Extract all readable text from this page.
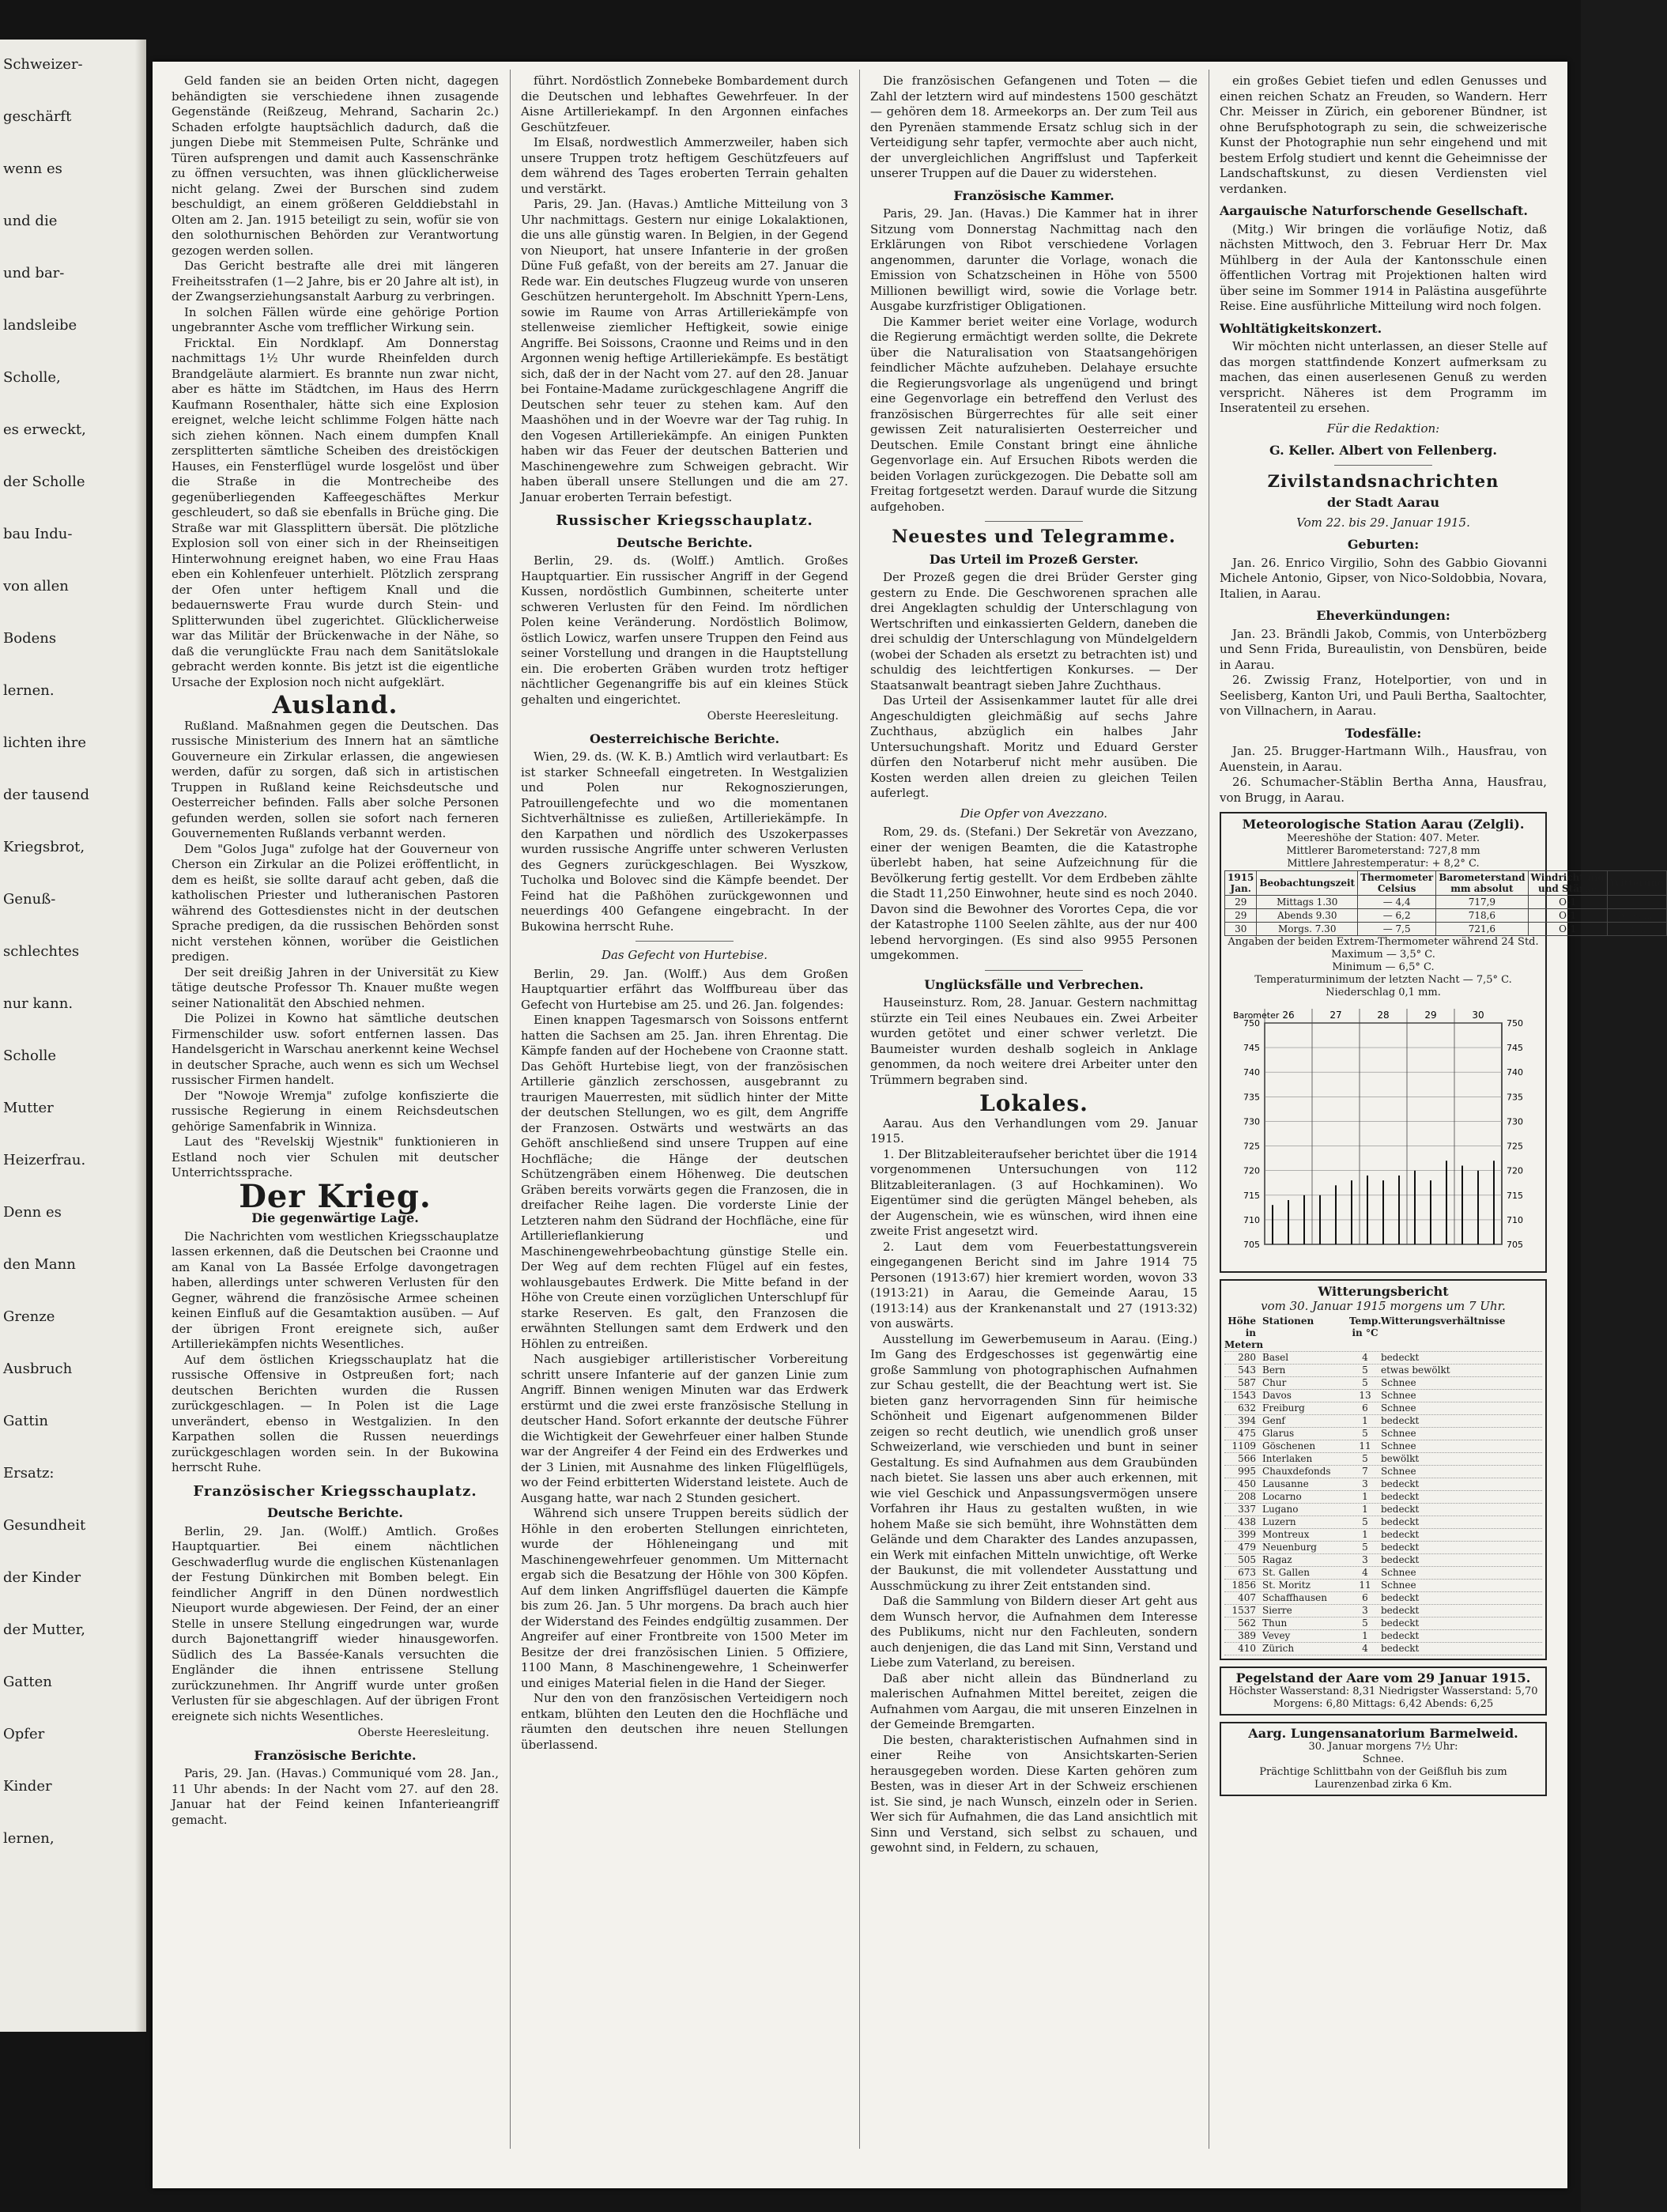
Schweizer-
geschärft
wenn es
und die
und bar-
landsleibe
Scholle,
es erweckt,
der Scholle
bau Indu-
von allen
Bodens
lernen.
lichten ihre
der tausend
Kriegsbrot,
Genuß-
schlechtes
nur kann.
Scholle
Mutter
Heizerfrau.
Denn es
den Mann
Grenze
Ausbruch
Gattin
Ersatz:
Gesundheit
der Kinder
der Mutter,
Gatten
Opfer
Kinder
lernen,

Geld fanden sie an beiden Orten nicht, dagegen behändigten sie verschiedene ihnen zusagende Gegenstände (Reißzeug, Mehrand, Sacharin 2c.) Schaden erfolgte hauptsächlich dadurch, daß die jungen Diebe mit Stemmeisen Pulte, Schränke und Türen aufsprengen und damit auch Kassenschränke zu öffnen versuchten, was ihnen glücklicherweise nicht gelang. Zwei der Burschen sind zudem beschuldigt, an einem größeren Gelddiebstahl in Olten am 2. Jan. 1915 beteiligt zu sein, wofür sie von den solothurnischen Behörden zur Verantwortung gezogen werden sollen.

Das Gericht bestrafte alle drei mit längeren Freiheitsstrafen (1—2 Jahre, bis er 20 Jahre alt ist), in der Zwangserziehungsanstalt Aarburg zu verbringen.

In solchen Fällen würde eine gehörige Portion ungebrannter Asche vom trefflicher Wirkung sein.

Fricktal. Ein Nordklapf. Am Donnerstag nachmittags 1½ Uhr wurde Rheinfelden durch Brandgeläute alarmiert. Es brannte nun zwar nicht, aber es hätte im Städtchen, im Haus des Herrn Kaufmann Rosenthaler, hätte sich eine Explosion ereignet, welche leicht schlimme Folgen hätte nach sich ziehen können. Nach einem dumpfen Knall zersplitterten sämtliche Scheiben des dreistöckigen Hauses, ein Fensterflügel wurde losgelöst und über die Straße in die Montrecheibe des gegenüberliegenden Kaffeegeschäftes Merkur geschleudert, so daß sie ebenfalls in Brüche ging. Die Straße war mit Glassplittern übersät. Die plötzliche Explosion soll von einer sich in der Rheinseitigen Hinterwohnung ereignet haben, wo eine Frau Haas eben ein Kohlenfeuer unterhielt. Plötzlich zersprang der Ofen unter heftigem Knall und die bedauernswerte Frau wurde durch Stein- und Splitterwunden übel zugerichtet. Glücklicherweise war das Militär der Brückenwache in der Nähe, so daß die verunglückte Frau nach dem Sanitätslokale gebracht werden konnte. Bis jetzt ist die eigentliche Ursache der Explosion noch nicht aufgeklärt.

Ausland.

Rußland. Maßnahmen gegen die Deutschen. Das russische Ministerium des Innern hat an sämtliche Gouverneure ein Zirkular erlassen, die angewiesen werden, dafür zu sorgen, daß sich in artistischen Truppen in Rußland keine Reichsdeutsche und Oesterreicher befinden. Falls aber solche Personen gefunden werden, sollen sie sofort nach ferneren Gouvernementen Rußlands verbannt werden.

Dem "Golos Juga" zufolge hat der Gouverneur von Cherson ein Zirkular an die Polizei eröffentlicht, in dem es heißt, sie sollte darauf acht geben, daß die katholischen Priester und lutheranischen Pastoren während des Gottesdienstes nicht in der deutschen Sprache predigen, da die russischen Behörden sonst nicht verstehen können, worüber die Geistlichen predigen.

Der seit dreißig Jahren in der Universität zu Kiew tätige deutsche Professor Th. Knauer mußte wegen seiner Nationalität den Abschied nehmen.

Die Polizei in Kowno hat sämtliche deutschen Firmenschilder usw. sofort entfernen lassen. Das Handelsgericht in Warschau anerkennt keine Wechsel in deutscher Sprache, auch wenn es sich um Wechsel russischer Firmen handelt.

Der "Nowoje Wremja" zufolge konfiszierte die russische Regierung in einem Reichsdeutschen gehörige Samenfabrik in Winniza.

Laut des "Revelskij Wjestnik" funktionieren in Estland noch vier Schulen mit deutscher Unterrichtssprache.

Der Krieg.
Die gegenwärtige Lage.

Die Nachrichten vom westlichen Kriegsschauplatze lassen erkennen, daß die Deutschen bei Craonne und am Kanal von La Bassée Erfolge davongetragen haben, allerdings unter schweren Verlusten für den Gegner, während die französische Armee scheinen keinen Einfluß auf die Gesamtaktion ausüben. — Auf der übrigen Front ereignete sich, außer Artilleriekämpfen nichts Wesentliches.

Auf dem östlichen Kriegsschauplatz hat die russische Offensive in Ostpreußen fort; nach deutschen Berichten wurden die Russen zurückgeschlagen. — In Polen ist die Lage unverändert, ebenso in Westgalizien. In den Karpathen sollen die Russen neuerdings zurückgeschlagen worden sein. In der Bukowina herrscht Ruhe.

Französischer Kriegsschauplatz.
Deutsche Berichte.

Berlin, 29. Jan. (Wolff.) Amtlich. Großes Hauptquartier. Bei einem nächtlichen Geschwaderflug wurde die englischen Küstenanlagen der Festung Dünkirchen mit Bomben belegt. Ein feindlicher Angriff in den Dünen nordwestlich Nieuport wurde abgewiesen. Der Feind, der an einer Stelle in unsere Stellung eingedrungen war, wurde durch Bajonettangriff wieder hinausgeworfen. Südlich des La Bassée-Kanals versuchten die Engländer die ihnen entrissene Stellung zurückzunehmen. Ihr Angriff wurde unter großen Verlusten für sie abgeschlagen. Auf der übrigen Front ereignete sich nichts Wesentliches.

Oberste Heeresleitung.
Französische Berichte.

Paris, 29. Jan. (Havas.) Communiqué vom 28. Jan., 11 Uhr abends: In der Nacht vom 27. auf den 28. Januar hat der Feind keinen Infanterieangriff gemacht.

führt. Nordöstlich Zonnebeke Bombardement durch die Deutschen und lebhaftes Gewehrfeuer. In der Aisne Artilleriekampf. In den Argonnen einfaches Geschützfeuer.

Im Elsaß, nordwestlich Ammerzweiler, haben sich unsere Truppen trotz heftigem Geschützfeuers auf dem während des Tages eroberten Terrain gehalten und verstärkt.

Paris, 29. Jan. (Havas.) Amtliche Mitteilung von 3 Uhr nachmittags. Gestern nur einige Lokalaktionen, die uns alle günstig waren. In Belgien, in der Gegend von Nieuport, hat unsere Infanterie in der großen Düne Fuß gefaßt, von der bereits am 27. Januar die Rede war. Ein deutsches Flugzeug wurde von unseren Geschützen heruntergeholt. Im Abschnitt Ypern-Lens, sowie im Raume von Arras Artilleriekämpfe von stellenweise ziemlicher Heftigkeit, sowie einige Angriffe. Bei Soissons, Craonne und Reims und in den Argonnen wenig heftige Artilleriekämpfe. Es bestätigt sich, daß der in der Nacht vom 27. auf den 28. Januar bei Fontaine-Madame zurückgeschlagene Angriff die Deutschen sehr teuer zu stehen kam. Auf den Maashöhen und in der Woevre war der Tag ruhig. In den Vogesen Artilleriekämpfe. An einigen Punkten haben wir das Feuer der deutschen Batterien und Maschinengewehre zum Schweigen gebracht. Wir haben überall unsere Stellungen und die am 27. Januar eroberten Terrain befestigt.

Russischer Kriegsschauplatz.
Deutsche Berichte.

Berlin, 29. ds. (Wolff.) Amtlich. Großes Hauptquartier. Ein russischer Angriff in der Gegend Kussen, nordöstlich Gumbinnen, scheiterte unter schweren Verlusten für den Feind. Im nördlichen Polen keine Veränderung. Nordöstlich Bolimow, östlich Lowicz, warfen unsere Truppen den Feind aus seiner Vorstellung und drangen in die Hauptstellung ein. Die eroberten Gräben wurden trotz heftiger nächtlicher Gegenangriffe bis auf ein kleines Stück gehalten und eingerichtet.

Oberste Heeresleitung.
Oesterreichische Berichte.

Wien, 29. ds. (W. K. B.) Amtlich wird verlautbart: Es ist starker Schneefall eingetreten. In Westgalizien und Polen nur Rekognoszierungen, Patrouillengefechte und wo die momentanen Sichtverhältnisse es zuließen, Artilleriekämpfe. In den Karpathen und nördlich des Uszokerpasses wurden russische Angriffe unter schweren Verlusten des Gegners zurückgeschlagen. Bei Wyszkow, Tucholka und Bolovec sind die Kämpfe beendet. Der Feind hat die Paßhöhen zurückgewonnen und neuerdings 400 Gefangene eingebracht. In der Bukowina herrscht Ruhe.

Das Gefecht von Hurtebise.

Berlin, 29. Jan. (Wolff.) Aus dem Großen Hauptquartier erfährt das Wolffbureau über das Gefecht von Hurtebise am 25. und 26. Jan. folgendes:

Einen knappen Tagesmarsch von Soissons entfernt hatten die Sachsen am 25. Jan. ihren Ehrentag. Die Kämpfe fanden auf der Hochebene von Craonne statt. Das Gehöft Hurtebise liegt, von der französischen Artillerie gänzlich zerschossen, ausgebrannt zu traurigen Mauerresten, mit südlich hinter der Mitte der deutschen Stellungen, wo es gilt, dem Angriffe der Franzosen. Ostwärts und westwärts an das Gehöft anschließend sind unsere Truppen auf eine Hochfläche; die Hänge der deutschen Schützengräben einem Höhenweg. Die deutschen Gräben bereits vorwärts gegen die Franzosen, die in dreifacher Reihe lagen. Die vorderste Linie der Letzteren nahm den Südrand der Hochfläche, eine für Artillerieflankierung und Maschinengewehrbeobachtung günstige Stelle ein. Der Weg auf dem rechten Flügel auf ein festes, wohlausgebautes Erdwerk. Die Mitte befand in der Höhe von Creute einen vorzüglichen Unterschlupf für starke Reserven. Es galt, den Franzosen die erwähnten Stellungen samt dem Erdwerk und den Höhlen zu entreißen.

Nach ausgiebiger artilleristischer Vorbereitung schritt unsere Infanterie auf der ganzen Linie zum Angriff. Binnen wenigen Minuten war das Erdwerk erstürmt und die zwei erste französische Stellung in deutscher Hand. Sofort erkannte der deutsche Führer die Wichtigkeit der Gewehrfeuer einer halben Stunde war der Angreifer 4 der Feind ein des Erdwerkes und der 3 Linien, mit Ausnahme des linken Flügelflügels, wo der Feind erbitterten Widerstand leistete. Auch de Ausgang hatte, war nach 2 Stunden gesichert.

Während sich unsere Truppen bereits südlich der Höhle in den eroberten Stellungen einrichteten, wurde der Höhleneingang und mit Maschinengewehrfeuer genommen. Um Mitternacht ergab sich die Besatzung der Höhle von 300 Köpfen. Auf dem linken Angriffsflügel dauerten die Kämpfe bis zum 26. Jan. 5 Uhr morgens. Da brach auch hier der Widerstand des Feindes endgültig zusammen. Der Angreifer auf einer Frontbreite von 1500 Meter im Besitze der drei französischen Linien. 5 Offiziere, 1100 Mann, 8 Maschinengewehre, 1 Scheinwerfer und einiges Material fielen in die Hand der Sieger.

Nur den von den französischen Verteidigern noch entkam, blühten den Leuten den die Hochfläche und räumten den deutschen ihre neuen Stellungen überlassend.

Die französischen Gefangenen und Toten — die Zahl der letztern wird auf mindestens 1500 geschätzt — gehören dem 18. Armeekorps an. Der zum Teil aus den Pyrenäen stammende Ersatz schlug sich in der Verteidigung sehr tapfer, vermochte aber auch nicht, der unvergleichlichen Angriffslust und Tapferkeit unserer Truppen auf die Dauer zu widerstehen.

Französische Kammer.

Paris, 29. Jan. (Havas.) Die Kammer hat in ihrer Sitzung vom Donnerstag Nachmittag nach den Erklärungen von Ribot verschiedene Vorlagen angenommen, darunter die Vorlage, wonach die Emission von Schatzscheinen in Höhe von 5500 Millionen bewilligt wird, sowie die Vorlage betr. Ausgabe kurzfristiger Obligationen.

Die Kammer beriet weiter eine Vorlage, wodurch die Regierung ermächtigt werden sollte, die Dekrete über die Naturalisation von Staatsangehörigen feindlicher Mächte aufzuheben. Delahaye ersuchte die Regierungsvorlage als ungenügend und bringt eine Gegenvorlage ein betreffend den Verlust des französischen Bürgerrechtes für alle seit einer gewissen Zeit naturalisierten Oesterreicher und Deutschen. Emile Constant bringt eine ähnliche Gegenvorlage ein. Auf Ersuchen Ribots werden die beiden Vorlagen zurückgezogen. Die Debatte soll am Freitag fortgesetzt werden. Darauf wurde die Sitzung aufgehoben.

Neuestes und Telegramme.
Das Urteil im Prozeß Gerster.

Der Prozeß gegen die drei Brüder Gerster ging gestern zu Ende. Die Geschworenen sprachen alle drei Angeklagten schuldig der Unterschlagung von Wertschriften und einkassierten Geldern, daneben die drei schuldig der Unterschlagung von Mündelgeldern (wobei der Schaden als ersetzt zu betrachten ist) und schuldig des leichtfertigen Konkurses. — Der Staatsanwalt beantragt sieben Jahre Zuchthaus.

Das Urteil der Assisenkammer lautet für alle drei Angeschuldigten gleichmäßig auf sechs Jahre Zuchthaus, abzüglich ein halbes Jahr Untersuchungshaft. Moritz und Eduard Gerster dürfen den Notarberuf nicht mehr ausüben. Die Kosten werden allen dreien zu gleichen Teilen auferlegt.

Die Opfer von Avezzano.

Rom, 29. ds. (Stefani.) Der Sekretär von Avezzano, einer der wenigen Beamten, die die Katastrophe überlebt haben, hat seine Aufzeichnung für die Bevölkerung fertig gestellt. Vor dem Erdbeben zählte die Stadt 11,250 Einwohner, heute sind es noch 2040. Davon sind die Bewohner des Vorortes Cepa, die vor der Katastrophe 1100 Seelen zählte, aus der nur 400 lebend hervorgingen. (Es sind also 9955 Personen umgekommen.

Unglücksfälle und Verbrechen.

Hauseinsturz. Rom, 28. Januar. Gestern nachmittag stürzte ein Teil eines Neubaues ein. Zwei Arbeiter wurden getötet und einer schwer verletzt. Die Baumeister wurden deshalb sogleich in Anklage genommen, da noch weitere drei Arbeiter unter den Trümmern begraben sind.

Lokales.

Aarau. Aus den Verhandlungen vom 29. Januar 1915.

1. Der Blitzableiteraufseher berichtet über die 1914 vorgenommenen Untersuchungen von 112 Blitzableiteranlagen. (3 auf Hochkaminen). Wo Eigentümer sind die gerügten Mängel beheben, als der Augenschein, wie es wünschen, wird ihnen eine zweite Frist angesetzt wird.

2. Laut dem vom Feuerbestattungsverein eingegangenen Bericht sind im Jahre 1914 75 Personen (1913:67) hier kremiert worden, wovon 33 (1913:21) in Aarau, die Gemeinde Aarau, 15 (1913:14) aus der Krankenanstalt und 27 (1913:32) von auswärts.

Ausstellung im Gewerbemuseum in Aarau. (Eing.) Im Gang des Erdgeschosses ist gegenwärtig eine große Sammlung von photographischen Aufnahmen zur Schau gestellt, die der Beachtung wert ist. Sie bieten ganz hervorragenden Sinn für heimische Schönheit und Eigenart aufgenommenen Bilder zeigen so recht deutlich, wie unendlich groß unser Schweizerland, wie verschieden und bunt in seiner Gestaltung. Es sind Aufnahmen aus dem Graubünden nach bietet. Sie lassen uns aber auch erkennen, mit wie viel Geschick und Anpassungsvermögen unsere Vorfahren ihr Haus zu gestalten wußten, in wie hohem Maße sie sich bemüht, ihre Wohnstätten dem Gelände und dem Charakter des Landes anzupassen, ein Werk mit einfachen Mitteln unwichtige, oft Werke der Baukunst, die mit vollendeter Ausstattung und Ausschmückung zu ihrer Zeit entstanden sind.

Daß die Sammlung von Bildern dieser Art geht aus dem Wunsch hervor, die Aufnahmen dem Interesse des Publikums, nicht nur den Fachleuten, sondern auch denjenigen, die das Land mit Sinn, Verstand und Liebe zum Vaterland, zu bereisen.

Daß aber nicht allein das Bündnerland zu malerischen Aufnahmen Mittel bereitet, zeigen die Aufnahmen vom Aargau, die mit unseren Einzelnen in der Gemeinde Bremgarten.

Die besten, charakteristischen Aufnahmen sind in einer Reihe von Ansichtskarten-Serien herausgegeben worden. Diese Karten gehören zum Besten, was in dieser Art in der Schweiz erschienen ist. Sie sind, je nach Wunsch, einzeln oder in Serien. Wer sich für Aufnahmen, die das Land ansichtlich mit Sinn und Verstand, sich selbst zu schauen, und gewohnt sind, in Feldern, zu schauen,

ein großes Gebiet tiefen und edlen Genusses und einen reichen Schatz an Freuden, so Wandern. Herr Chr. Meisser in Zürich, ein geborener Bündner, ist ohne Berufsphotograph zu sein, die schweizerische Kunst der Photographie nun sehr eingehend und mit bestem Erfolg studiert und kennt die Geheimnisse der Landschaftskunst, zu diesen Verdiensten viel verdanken.

Aargauische Naturforschende Gesellschaft.

(Mitg.) Wir bringen die vorläufige Notiz, daß nächsten Mittwoch, den 3. Februar Herr Dr. Max Mühlberg in der Aula der Kantonsschule einen öffentlichen Vortrag mit Projektionen halten wird über seine im Sommer 1914 in Palästina ausgeführte Reise. Eine ausführliche Mitteilung wird noch folgen.

Wohltätigkeitskonzert.

Wir möchten nicht unterlassen, an dieser Stelle auf das morgen stattfindende Konzert aufmerksam zu machen, das einen auserlesenen Genuß zu werden verspricht. Näheres ist dem Programm im Inseratenteil zu ersehen.

Für die Redaktion:
G. Keller. Albert von Fellenberg.
Zivilstandsnachrichten
der Stadt Aarau
Vom 22. bis 29. Januar 1915.
Geburten:

Jan. 26. Enrico Virgilio, Sohn des Gabbio Giovanni Michele Antonio, Gipser, von Nico-Soldobbia, Novara, Italien, in Aarau.

Eheverkündungen:

Jan. 23. Brändli Jakob, Commis, von Unterbözberg und Senn Frida, Bureaulistin, von Densbüren, beide in Aarau.

26. Zwissig Franz, Hotelportier, von und in Seelisberg, Kanton Uri, und Pauli Bertha, Saaltochter, von Villnachern, in Aarau.

Todesfälle:

Jan. 25. Brugger-Hartmann Wilh., Hausfrau, von Auenstein, in Aarau.

26. Schumacher-Stäblin Bertha Anna, Hausfrau, von Brugg, in Aarau.

Meteorologische Station Aarau (Zelgli).
Meereshöhe der Station: 407. Meter.
Mittlerer Barometerstand: 727,8 mm
Mittlere Jahrestemperatur: + 8,2° C.
1915 Jan.	Beobachtungszeit	Thermometer Celsius	Barometerstand mm absolut	Windrichtung und Stärke	Witterung
29	Mittags 1.30	— 4,4	717,9	O-1	
29	Abends 9.30	— 6,2	718,6	O-1	bewölkt
30	Morgs. 7.30	— 7,5	721,6	O-1	hell
Angaben der beiden Extrem-Thermometer während 24 Std.
Maximum — 3,5° C.
Minimum — 6,5° C.
Temperaturminimum der letzten Nacht — 7,5° C.
Niederschlag 0,1 mm.
705	705
710	710
715	715
720	720
725	725
730	730
735	735
740	740
745	745
750	750
26	27	28	29	30
Barometer
Witterungsbericht
vom 30. Januar 1915 morgens um 7 Uhr.
Höhe in Metern
Stationen	Temp. in °C
Witterungsverhältnisse
280 Basel	4	bedeckt
543 Bern	5	etwas bewölkt
587 Chur	5	Schnee
1543 Davos	13	Schnee
632 Freiburg	6	Schnee
394 Genf	1	bedeckt
475 Glarus	5	Schnee
1109 Göschenen	11	Schnee
566 Interlaken	5	bewölkt
995 Chauxdefonds	7	Schnee
450 Lausanne	3	bedeckt
208 Locarno	1	bedeckt
337 Lugano	1	bedeckt
438 Luzern	5	bedeckt
399 Montreux	1	bedeckt
479 Neuenburg	5	bedeckt
505 Ragaz	3	bedeckt
673 St. Gallen	4	Schnee
1856 St. Moritz	11	Schnee
407 Schaffhausen	6	bedeckt
1537 Sierre	3	bedeckt
562 Thun	5	bedeckt
389 Vevey	1	bedeckt
410 Zürich	4	bedeckt
Pegelstand der Aare vom 29 Januar 1915.
Höchster Wasserstand: 8,31 Niedrigster Wasserstand: 5,70
Morgens: 6,80 Mittags: 6,42 Abends: 6,25
Aarg. Lungensanatorium Barmelweid.
30. Januar morgens 7½ Uhr:
Schnee.
Prächtige Schlittbahn von der Geißfluh bis zum Laurenzenbad zirka 6 Km.
